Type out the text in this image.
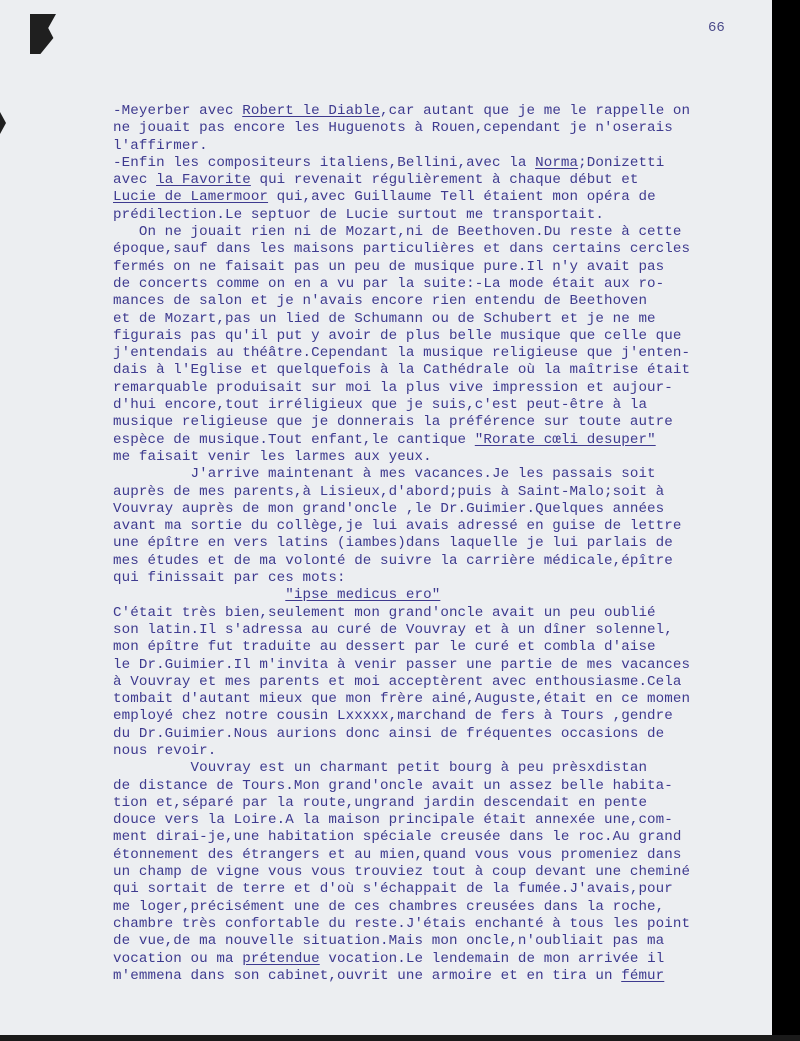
66
-Meyerber avec Robert le Diable,car autant que je me le rappelle on
ne jouait pas encore les Huguenots à Rouen,cependant je n'oserais
l'affirmer.
-Enfin les compositeurs italiens,Bellini,avec la Norma;Donizetti
avec la Favorite qui revenait régulièrement à chaque début et
Lucie de Lamermoor qui,avec Guillaume Tell étaient mon opéra de
prédilection.Le septuor de Lucie surtout me transportait.
On ne jouait rien ni de Mozart,ni de Beethoven.Du reste à cette
époque,sauf dans les maisons particulières et dans certains cercles
fermés on ne faisait pas un peu de musique pure.Il n'y avait pas
de concerts comme on en a vu par la suite:-La mode était aux ro-
mances de salon et je n'avais encore rien entendu de Beethoven
et de Mozart,pas un lied de Schumann ou de Schubert et je ne me
figurais pas qu'il put y avoir de plus belle musique que celle que
j'entendais au théâtre.Cependant la musique religieuse que j'enten-
dais à l'Eglise et quelquefois à la Cathédrale où la maîtrise était
remarquable produisait sur moi la plus vive impression et aujour-
d'hui encore,tout irréligieux que je suis,c'est peut-être à la
musique religieuse que je donnerais la préférence sur toute autre
espèce de musique.Tout enfant,le cantique "Rorate cœli desuper"
me faisait venir les larmes aux yeux.
J'arrive maintenant à mes vacances.Je les passais soit
auprès de mes parents,à Lisieux,d'abord;puis à Saint-Malo;soit à
Vouvray auprès de mon grand'oncle ,le Dr.Guimier.Quelques années
avant ma sortie du collège,je lui avais adressé en guise de lettre
une épître en vers latins (iambes)dans laquelle je lui parlais de
mes études et de ma volonté de suivre la carrière médicale,épître
qui finissait par ces mots:
"ipse medicus ero"
C'était très bien,seulement mon grand'oncle avait un peu oublié
son latin.Il s'adressa au curé de Vouvray et à un dîner solennel,
mon épître fut traduite au dessert par le curé et combla d'aise
le Dr.Guimier.Il m'invita à venir passer une partie de mes vacances
à Vouvray et mes parents et moi acceptèrent avec enthousiasme.Cela
tombait d'autant mieux que mon frère ainé,Auguste,était en ce momen
employé chez notre cousin Lxxxxx,marchand de fers à Tours ,gendre
du Dr.Guimier.Nous aurions donc ainsi de fréquentes occasions de
nous revoir.
Vouvray est un charmant petit bourg à peu prèsxdistan
de distance de Tours.Mon grand'oncle avait un assez belle habita-
tion et,séparé par la route,ungrand jardin descendait en pente
douce vers la Loire.A la maison principale était annexée une,com-
ment dirai-je,une habitation spéciale creusée dans le roc.Au grand
étonnement des étrangers et au mien,quand vous vous promeniez dans
un champ de vigne vous vous trouviez tout à coup devant une cheminé
qui sortait de terre et d'où s'échappait de la fumée.J'avais,pour
me loger,précisément une de ces chambres creusées dans la roche,
chambre très confortable du reste.J'étais enchanté à tous les point
de vue,de ma nouvelle situation.Mais mon oncle,n'oubliait pas ma
vocation ou ma prétendue vocation.Le lendemain de mon arrivée il
m'emmena dans son cabinet,ouvrit une armoire et en tira un fémur
